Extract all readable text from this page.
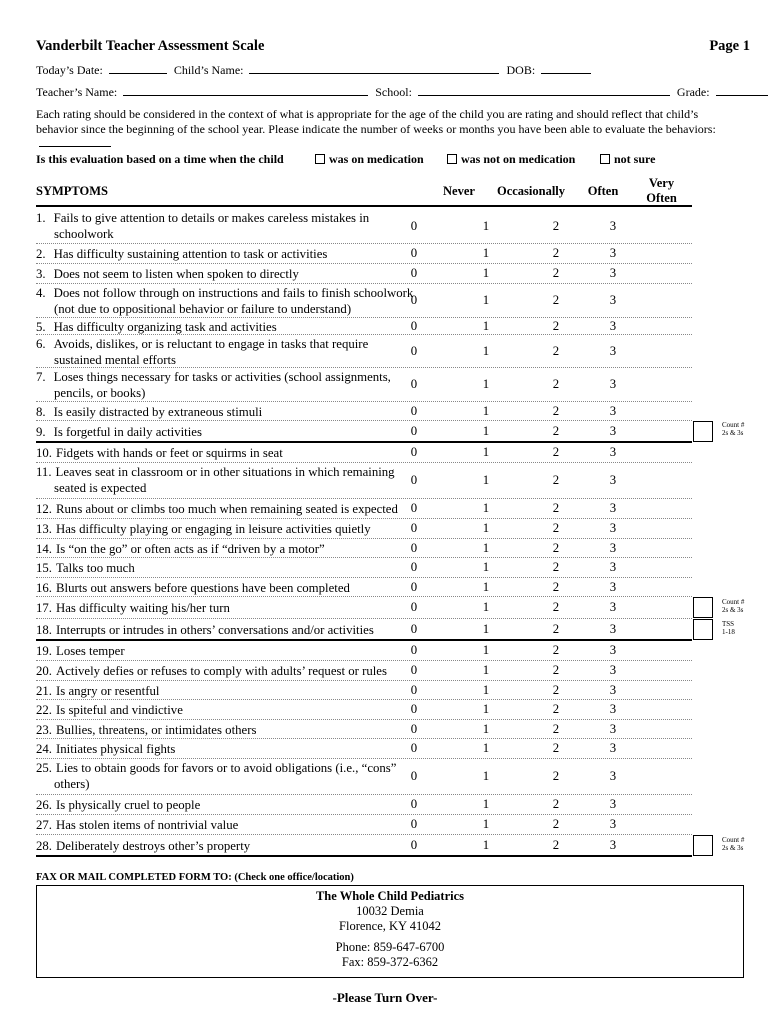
Vanderbilt Teacher Assessment Scale	Page 1
Today’s Date:	Child’s Name:	DOB:
Teacher’s Name:	School:	Grade:
Each rating should be considered in the context of what is appropriate for the age of the child you are rating and should reflect that child’s behavior since the beginning of the school year. Please indicate the number of weeks or months you have been able to evaluate the behaviors:
Is this evaluation based on a time when the child	was on medication	was not on medication	not sure
SYMPTOMS	Never	Occasionally	Often
Very
Often
1. Fails to give attention to details or makes careless mistakes in
schoolwork
0	1	2	3
2. Has difficulty sustaining attention to task or activities	0	1	2	3
3. Does not seem to listen when spoken to directly	0	1	2	3
4. Does not follow through on instructions and fails to finish schoolwork
(not due to oppositional behavior or failure to understand)
0	1	2	3
5. Has difficulty organizing task and activities	0	1	2	3
6. Avoids, dislikes, or is reluctant to engage in tasks that require
sustained mental efforts
0	1	2	3
7. Loses things necessary for tasks or activities (school assignments,
pencils, or books)
0	1	2	3
8. Is easily distracted by extraneous stimuli	0	1	2	3
9. Is forgetful in daily activities	0	1	2	3
10. Fidgets with hands or feet or squirms in seat	0	1	2	3
11. Leaves seat in classroom or in other situations in which remaining
seated is expected
0	1	2	3
12. Runs about or climbs too much when remaining seated is expected	0	1	2	3
13. Has difficulty playing or engaging in leisure activities quietly	0	1	2	3
14. Is “on the go” or often acts as if “driven by a motor”	0	1	2	3
15. Talks too much	0	1	2	3
16. Blurts out answers before questions have been completed	0	1	2	3
17. Has difficulty waiting his/her turn	0	1	2	3
18. Interrupts or intrudes in others’ conversations and/or activities	0	1	2	3
19. Loses temper	0	1	2	3
20. Actively defies or refuses to comply with adults’ request or rules	0	1	2	3
21. Is angry or resentful	0	1	2	3
22. Is spiteful and vindictive	0	1	2	3
23. Bullies, threatens, or intimidates others	0	1	2	3
24. Initiates physical fights	0	1	2	3
25. Lies to obtain goods for favors or to avoid obligations (i.e., “cons”
others)
0	1	2	3
26. Is physically cruel to people	0	1	2	3
27. Has stolen items of nontrivial value	0	1	2	3
28. Deliberately destroys other’s property	0	1	2	3
Count #
2s & 3s
Count #
2s & 3s
TSS
1-18
Count #
2s & 3s
FAX OR MAIL COMPLETED FORM TO: (Check one office/location)
The Whole Child Pediatrics
10032 Demia
Florence, KY 41042
Phone: 859-647-6700
Fax: 859-372-6362
-Please Turn Over-
